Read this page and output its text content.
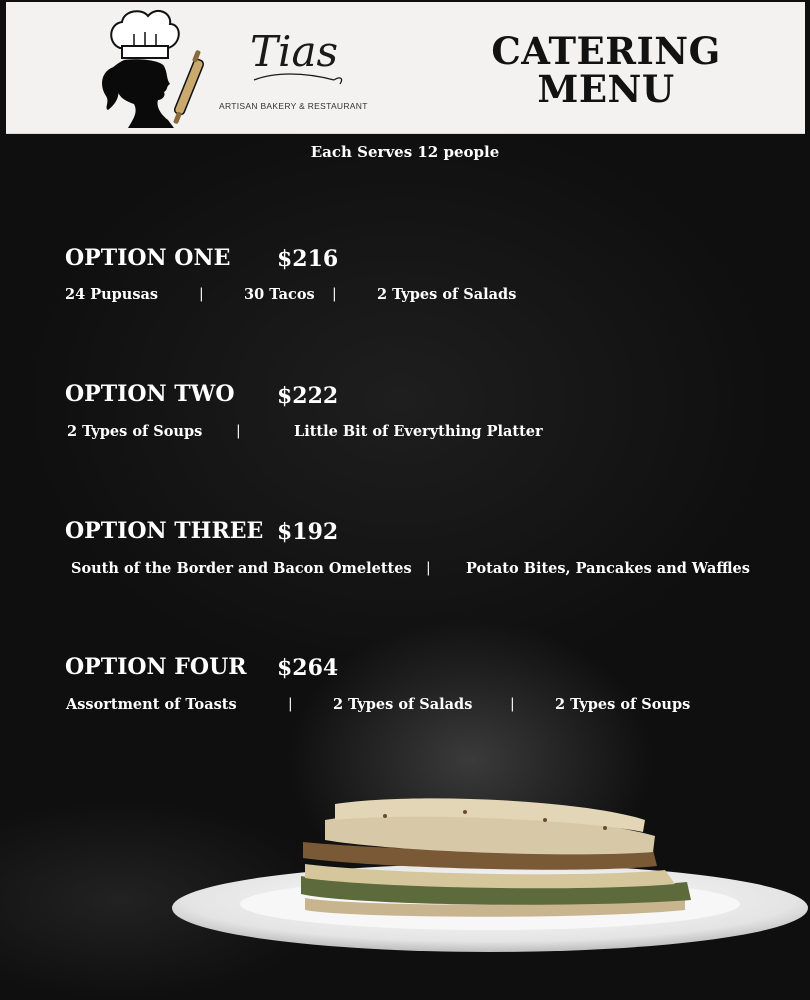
Tias
ARTISAN BAKERY & RESTAURANT
CATERING
MENU
Each Serves 12 people
OPTION ONE $216
24 Pupusas	|	30 Tacos |	2 Types of Salads
OPTION TWO $222
2 Types of Soups |	Little Bit of Everything Platter
OPTION THREE $192
South of the Border and Bacon Omelettes | Potato Bites, Pancakes and Waffles
OPTION FOUR $264
Assortment of Toasts	|	2 Types of Salads	|	2 Types of Soups
